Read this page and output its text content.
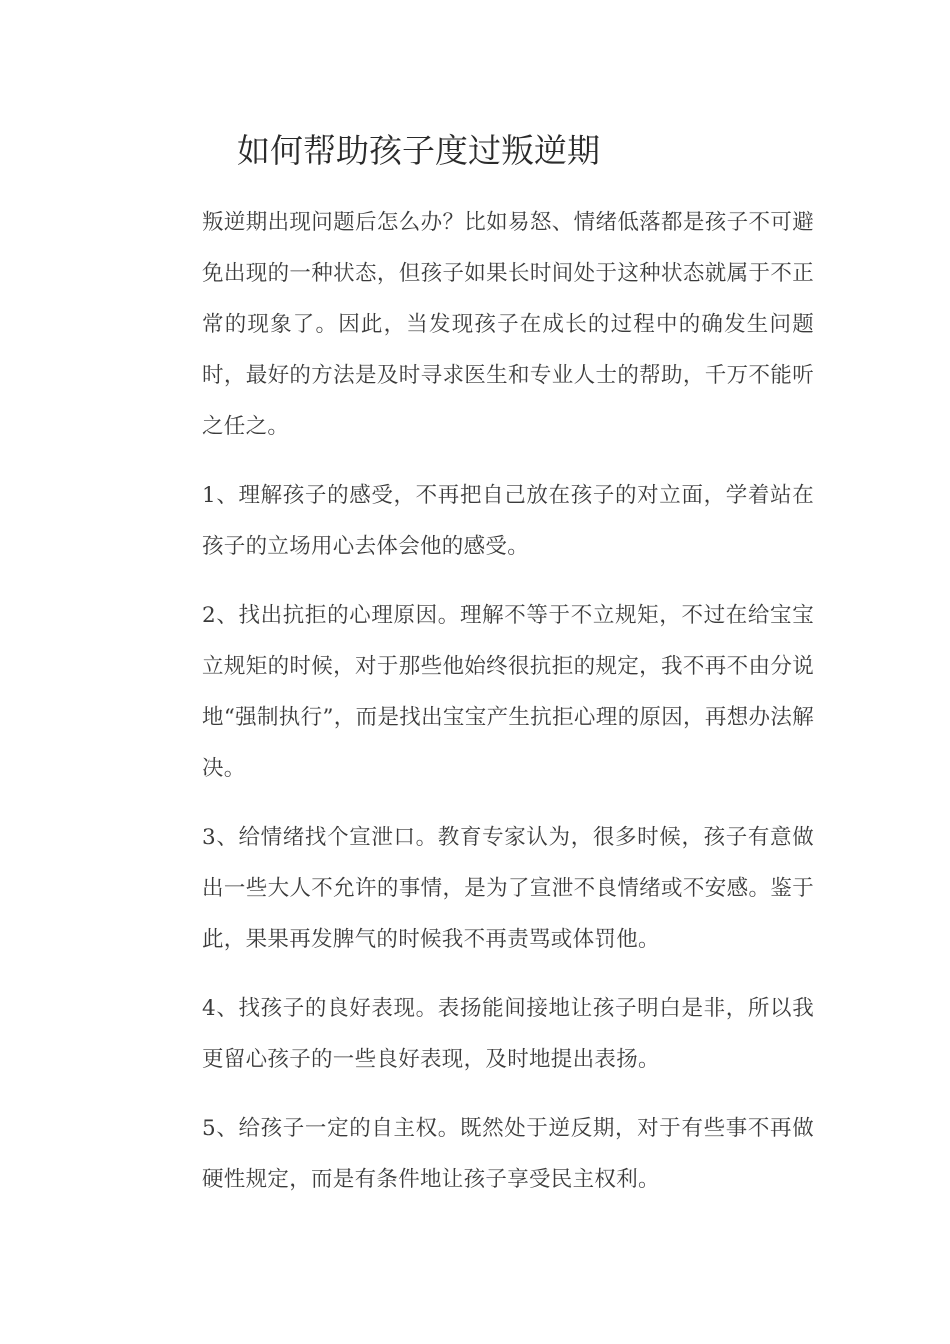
如何帮助孩子度过叛逆期

叛逆期出现问题后怎么办？比如易怒、情绪低落都是孩子不可避免出现的一种状态，但孩子如果长时间处于这种状态就属于不正常的现象了。因此，当发现孩子在成长的过程中的确发生问题时，最好的方法是及时寻求医生和专业人士的帮助，千万不能听之任之。

1、理解孩子的感受，不再把自己放在孩子的对立面，学着站在孩子的立场用心去体会他的感受。

2、找出抗拒的心理原因。理解不等于不立规矩，不过在给宝宝立规矩的时候，对于那些他始终很抗拒的规定，我不再不由分说地“强制执行”，而是找出宝宝产生抗拒心理的原因，再想办法解决。

3、给情绪找个宣泄口。教育专家认为，很多时候，孩子有意做出一些大人不允许的事情，是为了宣泄不良情绪或不安感。鉴于此，果果再发脾气的时候我不再责骂或体罚他。

4、找孩子的良好表现。表扬能间接地让孩子明白是非，所以我更留心孩子的一些良好表现，及时地提出表扬。

5、给孩子一定的自主权。既然处于逆反期，对于有些事不再做硬性规定，而是有条件地让孩子享受民主权利。
